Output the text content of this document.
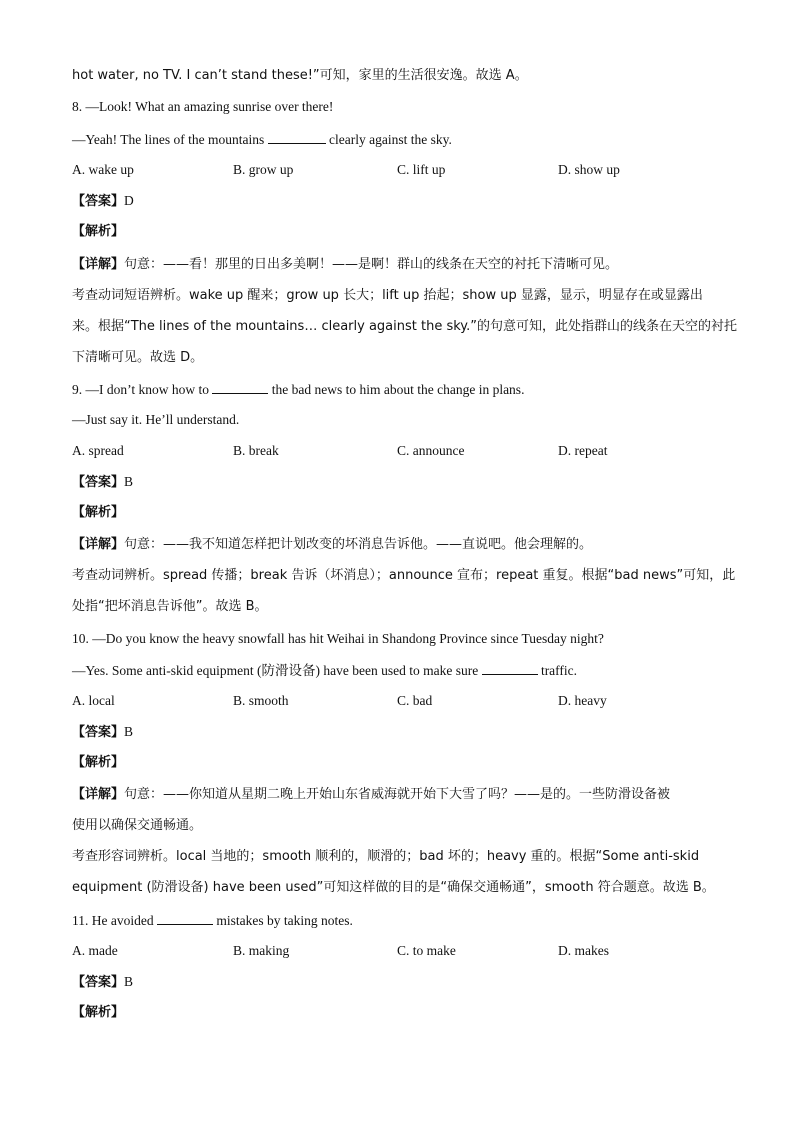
hot water, no TV. I can’t stand these!”可知，家里的生活很安逸。故选 A。
8. —Look! What an amazing sunrise over there!
—Yeah! The lines of the mountains	clearly against the sky.
A. wake up	B. grow up	C. lift up	D. show up
【答案】D
【解析】
【详解】句意：——看！那里的日出多美啊！——是啊！群山的线条在天空的衬托下清晰可见。
考查动词短语辨析。wake up 醒来；grow up 长大；lift up 抬起；show up 显露，显示，明显存在或显露出
来。根据“The lines of the mountains… clearly against the sky.”的句意可知，此处指群山的线条在天空的衬托
下清晰可见。故选 D。
9. —I don’t know how to	the bad news to him about the change in plans.
—Just say it. He’ll understand.
A. spread	B. break	C. announce	D. repeat
【答案】B
【解析】
【详解】句意：——我不知道怎样把计划改变的坏消息告诉他。——直说吧。他会理解的。
考查动词辨析。spread 传播；break 告诉（坏消息）；announce 宣布；repeat 重复。根据“bad news”可知，此
处指“把坏消息告诉他”。故选 B。
10. —Do you know the heavy snowfall has hit Weihai in Shandong Province since Tuesday night?
—Yes. Some anti-skid equipment (防滑设备) have been used to make sure	traffic.
A. local	B. smooth	C. bad	D. heavy
【答案】B
【解析】
【详解】句意：——你知道从星期二晚上开始山东省威海就开始下大雪了吗？——是的。一些防滑设备被
使用以确保交通畅通。
考查形容词辨析。local 当地的；smooth 顺利的，顺滑的；bad 坏的；heavy 重的。根据“Some anti-skid
equipment (防滑设备) have been used”可知这样做的目的是“确保交通畅通”，smooth 符合题意。故选 B。
11. He avoided	mistakes by taking notes.
A. made	B. making	C. to make	D. makes
【答案】B
【解析】
